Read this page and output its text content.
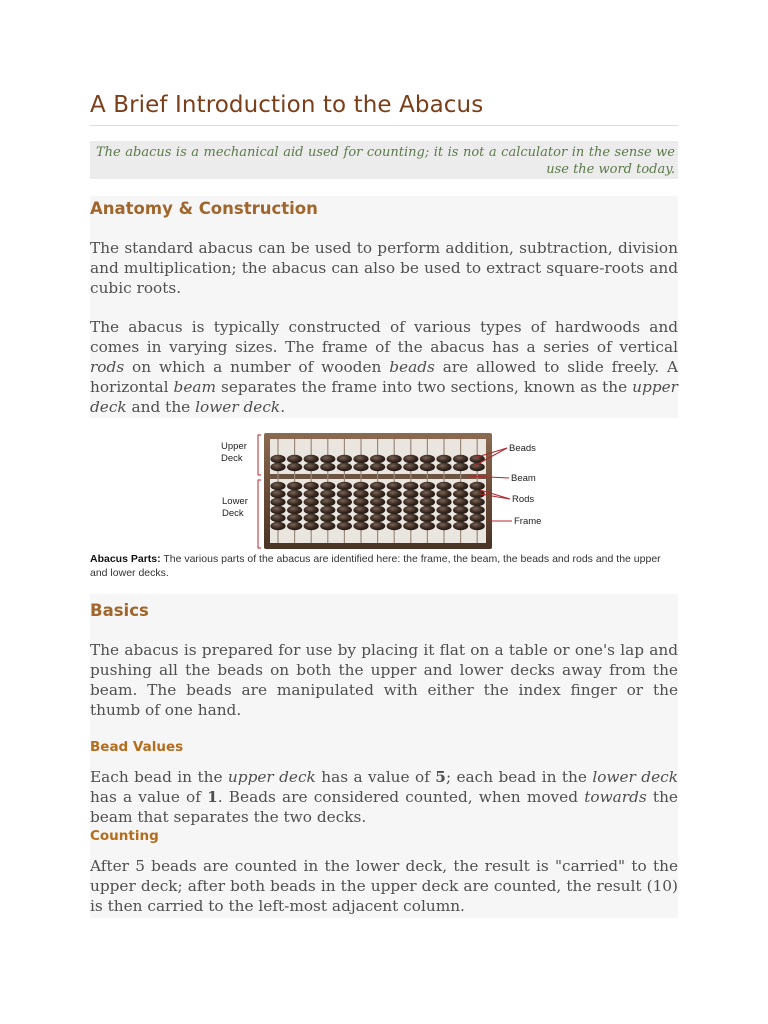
A Brief Introduction to the Abacus

The abacus is a mechanical aid used for counting; it is not a calculator in the sense we use the word today.

Anatomy & Construction

The standard abacus can be used to perform addition, subtraction, division and multiplication; the abacus can also be used to extract square-roots and cubic roots.

The abacus is typically constructed of various types of hardwoods and comes in varying sizes. The frame of the abacus has a series of vertical rods on which a number of wooden beads are allowed to slide freely. A horizontal beam separates the frame into two sections, known as the upper deck and the lower deck.

Upper Deck
Lower Deck
Beads
Beam
Rods
Frame

Abacus Parts: The various parts of the abacus are identified here: the frame, the beam, the beads and rods and the upper and lower decks.

Basics

The abacus is prepared for use by placing it flat on a table or one's lap and pushing all the beads on both the upper and lower decks away from the beam. The beads are manipulated with either the index finger or the thumb of one hand.

Bead Values

Each bead in the upper deck has a value of 5; each bead in the lower deck has a value of 1. Beads are considered counted, when moved towards the beam that separates the two decks.

Counting

After 5 beads are counted in the lower deck, the result is "carried" to the upper deck; after both beads in the upper deck are counted, the result (10) is then carried to the left-most adjacent column.
